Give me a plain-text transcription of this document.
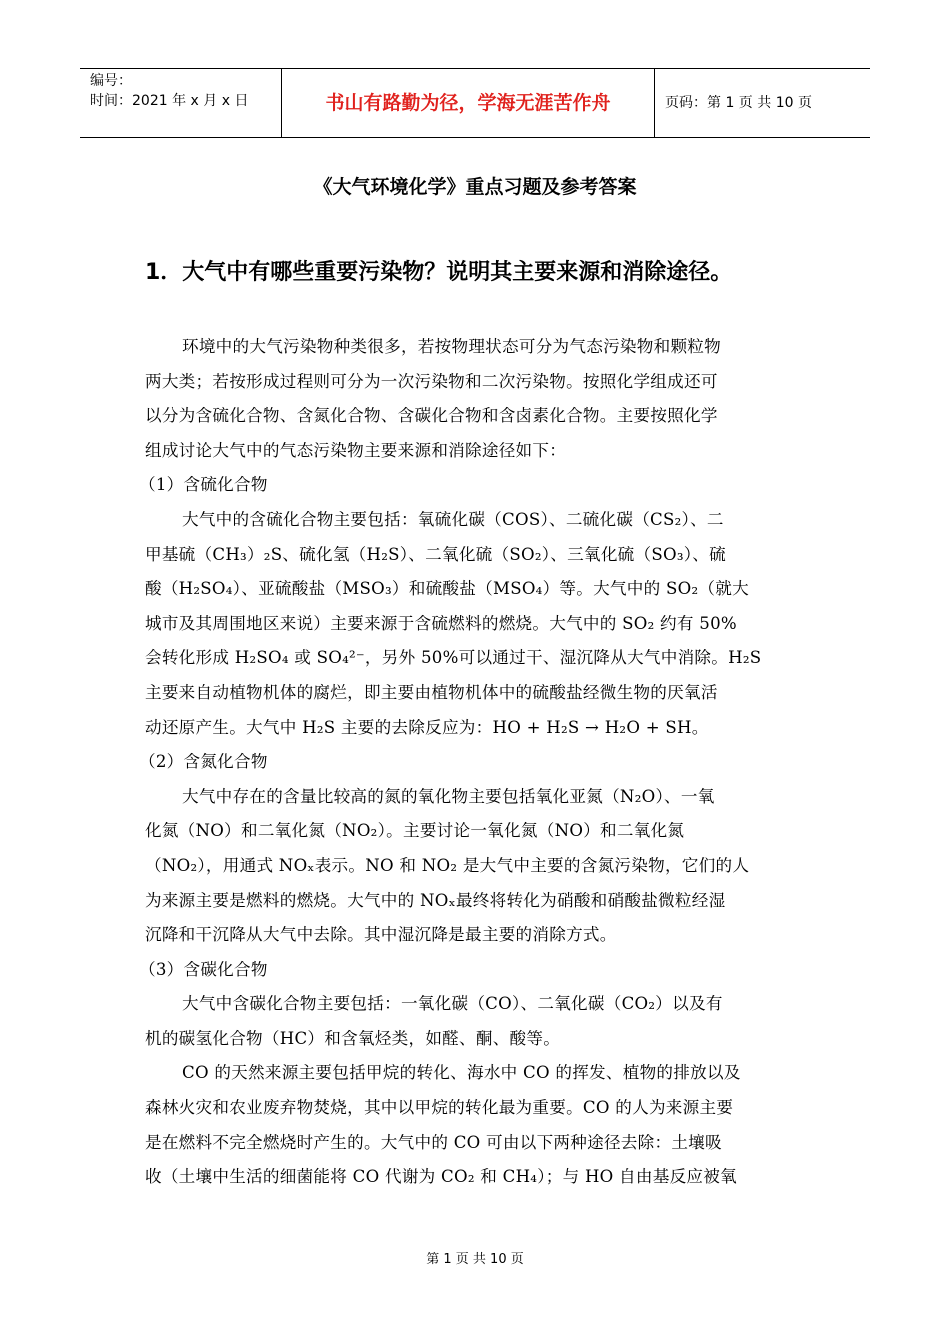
编号：
时间：2021 年 x 月 x 日	书山有路勤为径，学海无涯苦作舟	页码：第 1 页 共 10 页
《大气环境化学》重点习题及参考答案
1．大气中有哪些重要污染物？说明其主要来源和消除途径。
环境中的大气污染物种类很多，若按物理状态可分为气态污染物和颗粒物
两大类；若按形成过程则可分为一次污染物和二次污染物。按照化学组成还可
以分为含硫化合物、含氮化合物、含碳化合物和含卤素化合物。主要按照化学
组成讨论大气中的气态污染物主要来源和消除途径如下：
（1）含硫化合物
大气中的含硫化合物主要包括：氧硫化碳（COS）、二硫化碳（CS₂）、二
甲基硫（CH₃）₂S、硫化氢（H₂S）、二氧化硫（SO₂）、三氧化硫（SO₃）、硫
酸（H₂SO₄）、亚硫酸盐（MSO₃）和硫酸盐（MSO₄）等。大气中的 SO₂（就大
城市及其周围地区来说）主要来源于含硫燃料的燃烧。大气中的 SO₂ 约有 50%
会转化形成 H₂SO₄ 或 SO₄²⁻，另外 50%可以通过干、湿沉降从大气中消除。H₂S
主要来自动植物机体的腐烂，即主要由植物机体中的硫酸盐经微生物的厌氧活
动还原产生。大气中 H₂S 主要的去除反应为：HO + H₂S → H₂O + SH。
（2）含氮化合物
大气中存在的含量比较高的氮的氧化物主要包括氧化亚氮（N₂O）、一氧
化氮（NO）和二氧化氮（NO₂）。主要讨论一氧化氮（NO）和二氧化氮
（NO₂），用通式 NOₓ表示。NO 和 NO₂ 是大气中主要的含氮污染物，它们的人
为来源主要是燃料的燃烧。大气中的 NOₓ最终将转化为硝酸和硝酸盐微粒经湿
沉降和干沉降从大气中去除。其中湿沉降是最主要的消除方式。
（3）含碳化合物
大气中含碳化合物主要包括：一氧化碳（CO）、二氧化碳（CO₂）以及有
机的碳氢化合物（HC）和含氧烃类，如醛、酮、酸等。
CO 的天然来源主要包括甲烷的转化、海水中 CO 的挥发、植物的排放以及
森林火灾和农业废弃物焚烧，其中以甲烷的转化最为重要。CO 的人为来源主要
是在燃料不完全燃烧时产生的。大气中的 CO 可由以下两种途径去除：土壤吸
收（土壤中生活的细菌能将 CO 代谢为 CO₂ 和 CH₄）；与 HO 自由基反应被氧
第 1 页 共 10 页
